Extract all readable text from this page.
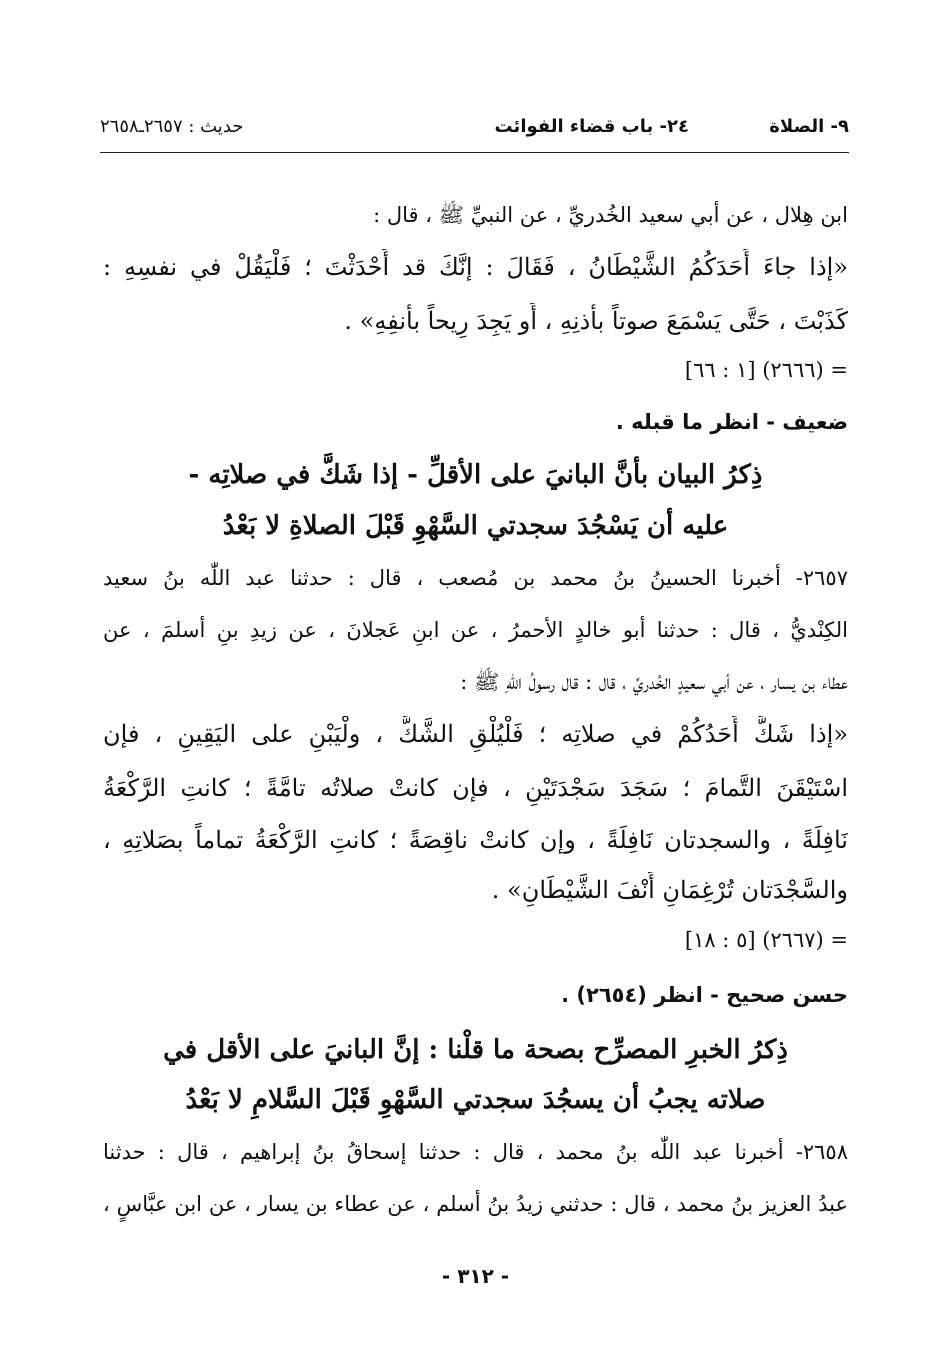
٩- الصلاة
٢٤- باب قضاء الفوائت
حديث : ٢٦٥٧ـ٢٦٥٨
ابن هِلال ، عن أبي سعيد الخُدريِّ ، عن النبيِّ ﷺ ، قال :
«إذا جاءَ أَحَدَكُمُ الشَّيْطَانُ ، فَقَالَ : إنَّكَ قد أَحْدَثْتَ ؛ فَلْيَقُلْ في نفسِهِ :
كَذَبْتَ ، حَتَّى يَسْمَعَ صوتاً بأذنِهِ ، أَو يَجِدَ رِيحاً بأنفِهِ» .
= (٢٦٦٦) [١ : ٦٦]
ضعيف - انظر ما قبله .
ذِكرُ البيان بأنَّ البانيَ على الأقلِّ - إذا شَكَّ في صلاتِه -
عليه أن يَسْجُدَ سجدتي السَّهْوِ قَبْلَ الصلاةِ لا بَعْدُ
٢٦٥٧- أخبرنا الحسينُ بنُ محمد بن مُصعب ، قال : حدثنا عبد اللّٰه بنُ سعيد
الكِنْديُّ ، قال : حدثنا أبو خالدٍ الأحمرُ ، عن ابنِ عَجلانَ ، عن زيدِ بنِ أسلمَ ، عن
عطاء بن يسار ، عن أبي سعيدٍ الخُدريِّ ، قال : قال رسولُ اللّٰهِ ﷺ :
«إذا شَكَّ أَحَدُكُمْ في صلاتِه ؛ فَلْيُلْقِ الشَّكَّ ، ولْيَبْنِ على اليَقِينِ ، فإن
اسْتَيْقَنَ التَّمامَ ؛ سَجَدَ سَجْدَتَيْنِ ، فإن كانتْ صلاتُه تامَّةً ؛ كانتِ الرَّكْعَةُ
نَافِلَةً ، والسجدتان نَافِلَةً ، وإن كانتْ ناقِصَةً ؛ كانتِ الرَّكْعَةُ تماماً بصَلاتِهِ ،
والسَّجْدَتان تُرْغِمَانِ أَنْفَ الشَّيْطَانِ» .
= (٢٦٦٧) [٥ : ١٨]
حسن صحيح - انظر (٢٦٥٤) .
ذِكرُ الخبرِ المصرِّح بصحة ما قلْنا : إنَّ البانيَ على الأقل في
صلاته يجبُ أن يسجُدَ سجدتي السَّهْوِ قَبْلَ السَّلامِ لا بَعْدُ
٢٦٥٨- أخبرنا عبد اللّٰه بنُ محمد ، قال : حدثنا إسحاقُ بنُ إبراهيم ، قال : حدثنا
عبدُ العزيز بنُ محمد ، قال : حدثني زيدُ بنُ أسلم ، عن عطاء بن يسار ، عن ابن عبَّاسٍ ،
- ٣١٢ -
